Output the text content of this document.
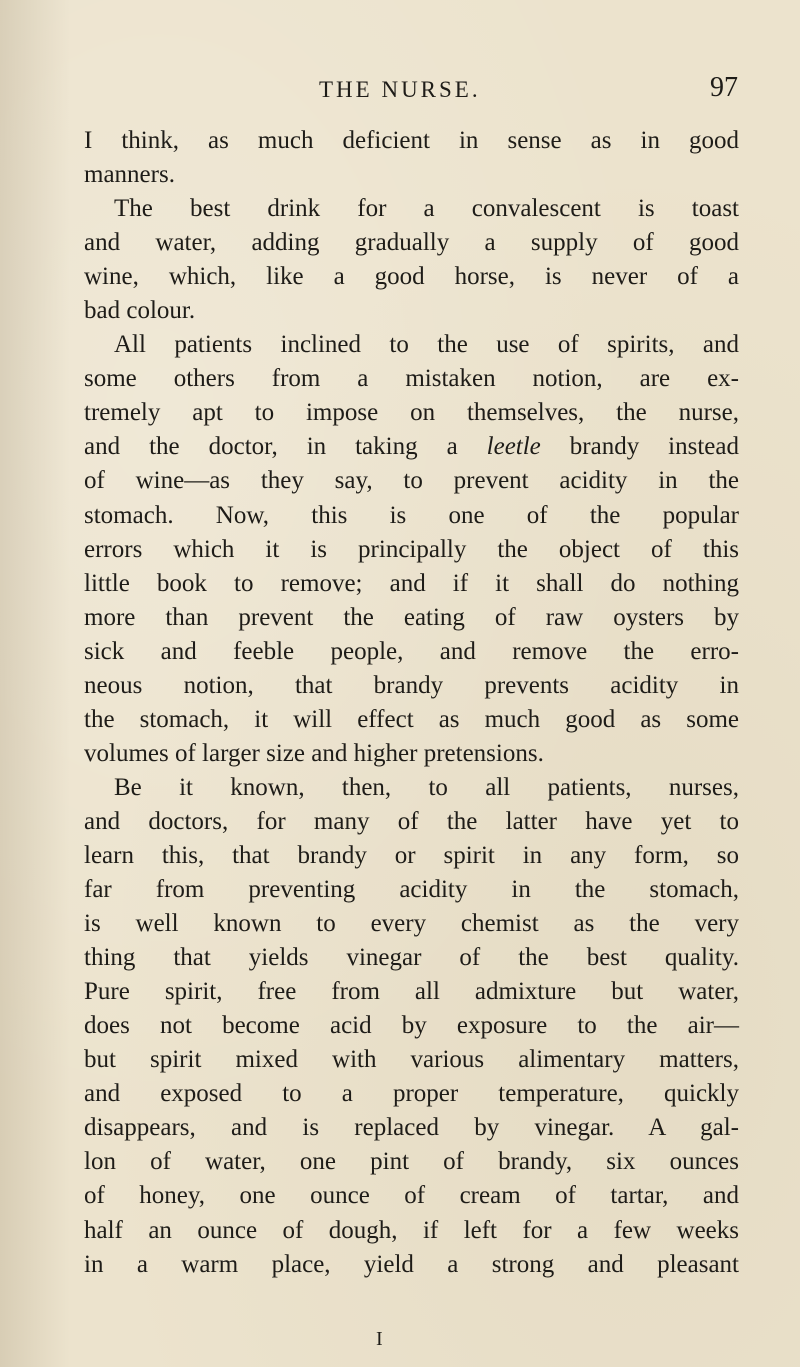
THE NURSE.	97
I think, as much deficient in sense as in good
manners.
The best drink for a convalescent is toast
and water, adding gradually a supply of good
wine, which, like a good horse, is never of a
bad colour.
All patients inclined to the use of spirits, and
some others from a mistaken notion, are ex-
tremely apt to impose on themselves, the nurse,
and the doctor, in taking a leetle brandy instead
of wine—as they say, to prevent acidity in the
stomach. Now, this is one of the popular
errors which it is principally the object of this
little book to remove; and if it shall do nothing
more than prevent the eating of raw oysters by
sick and feeble people, and remove the erro-
neous notion, that brandy prevents acidity in
the stomach, it will effect as much good as some
volumes of larger size and higher pretensions.
Be it known, then, to all patients, nurses,
and doctors, for many of the latter have yet to
learn this, that brandy or spirit in any form, so
far from preventing acidity in the stomach,
is well known to every chemist as the very
thing that yields vinegar of the best quality.
Pure spirit, free from all admixture but water,
does not become acid by exposure to the air—
but spirit mixed with various alimentary matters,
and exposed to a proper temperature, quickly
disappears, and is replaced by vinegar. A gal-
lon of water, one pint of brandy, six ounces
of honey, one ounce of cream of tartar, and
half an ounce of dough, if left for a few weeks
in a warm place, yield a strong and pleasant
I
